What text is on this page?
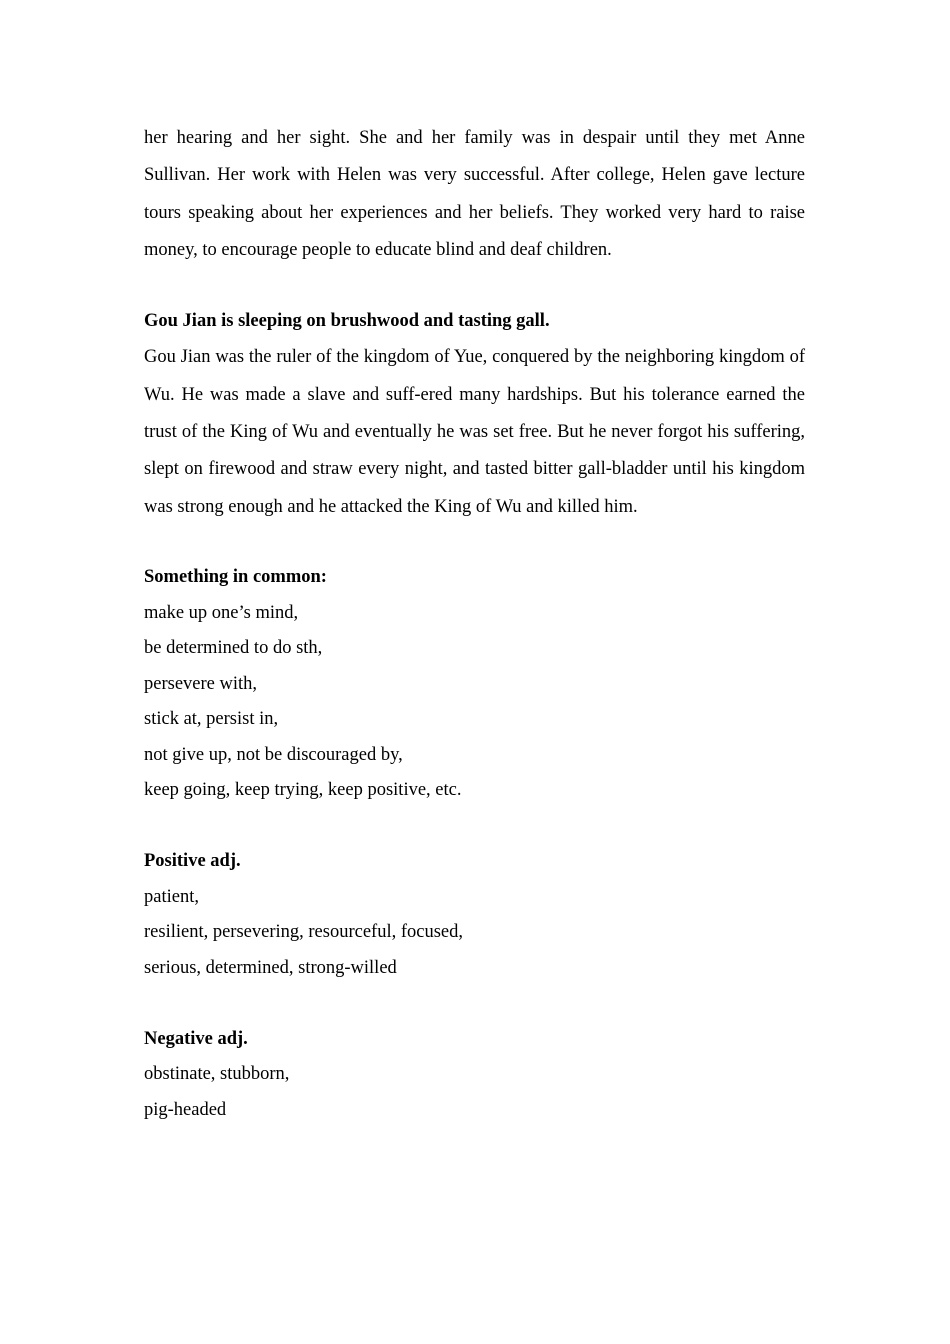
her hearing and her sight. She and her family was in despair until they met Anne Sullivan. Her work with Helen was very successful. After college, Helen gave lecture tours speaking about her experiences and her beliefs. They worked very hard to raise money, to encourage people to educate blind and deaf children.

Gou Jian is sleeping on brushwood and tasting gall.

Gou Jian was the ruler of the kingdom of Yue, conquered by the neighboring kingdom of Wu. He was made a slave and suff-ered many hardships. But his tolerance earned the trust of the King of Wu and eventually he was set free. But he never forgot his suffering, slept on firewood and straw every night, and tasted bitter gall-bladder until his kingdom was strong enough and he attacked the King of Wu and killed him.

Something in common:

make up one’s mind,

be determined to do sth,

persevere with,

stick at, persist in,

not give up, not be discouraged by,

keep going, keep trying, keep positive, etc.

Positive adj.

patient,

resilient, persevering, resourceful, focused,

serious, determined, strong-willed

Negative adj.

obstinate, stubborn,

pig-headed
